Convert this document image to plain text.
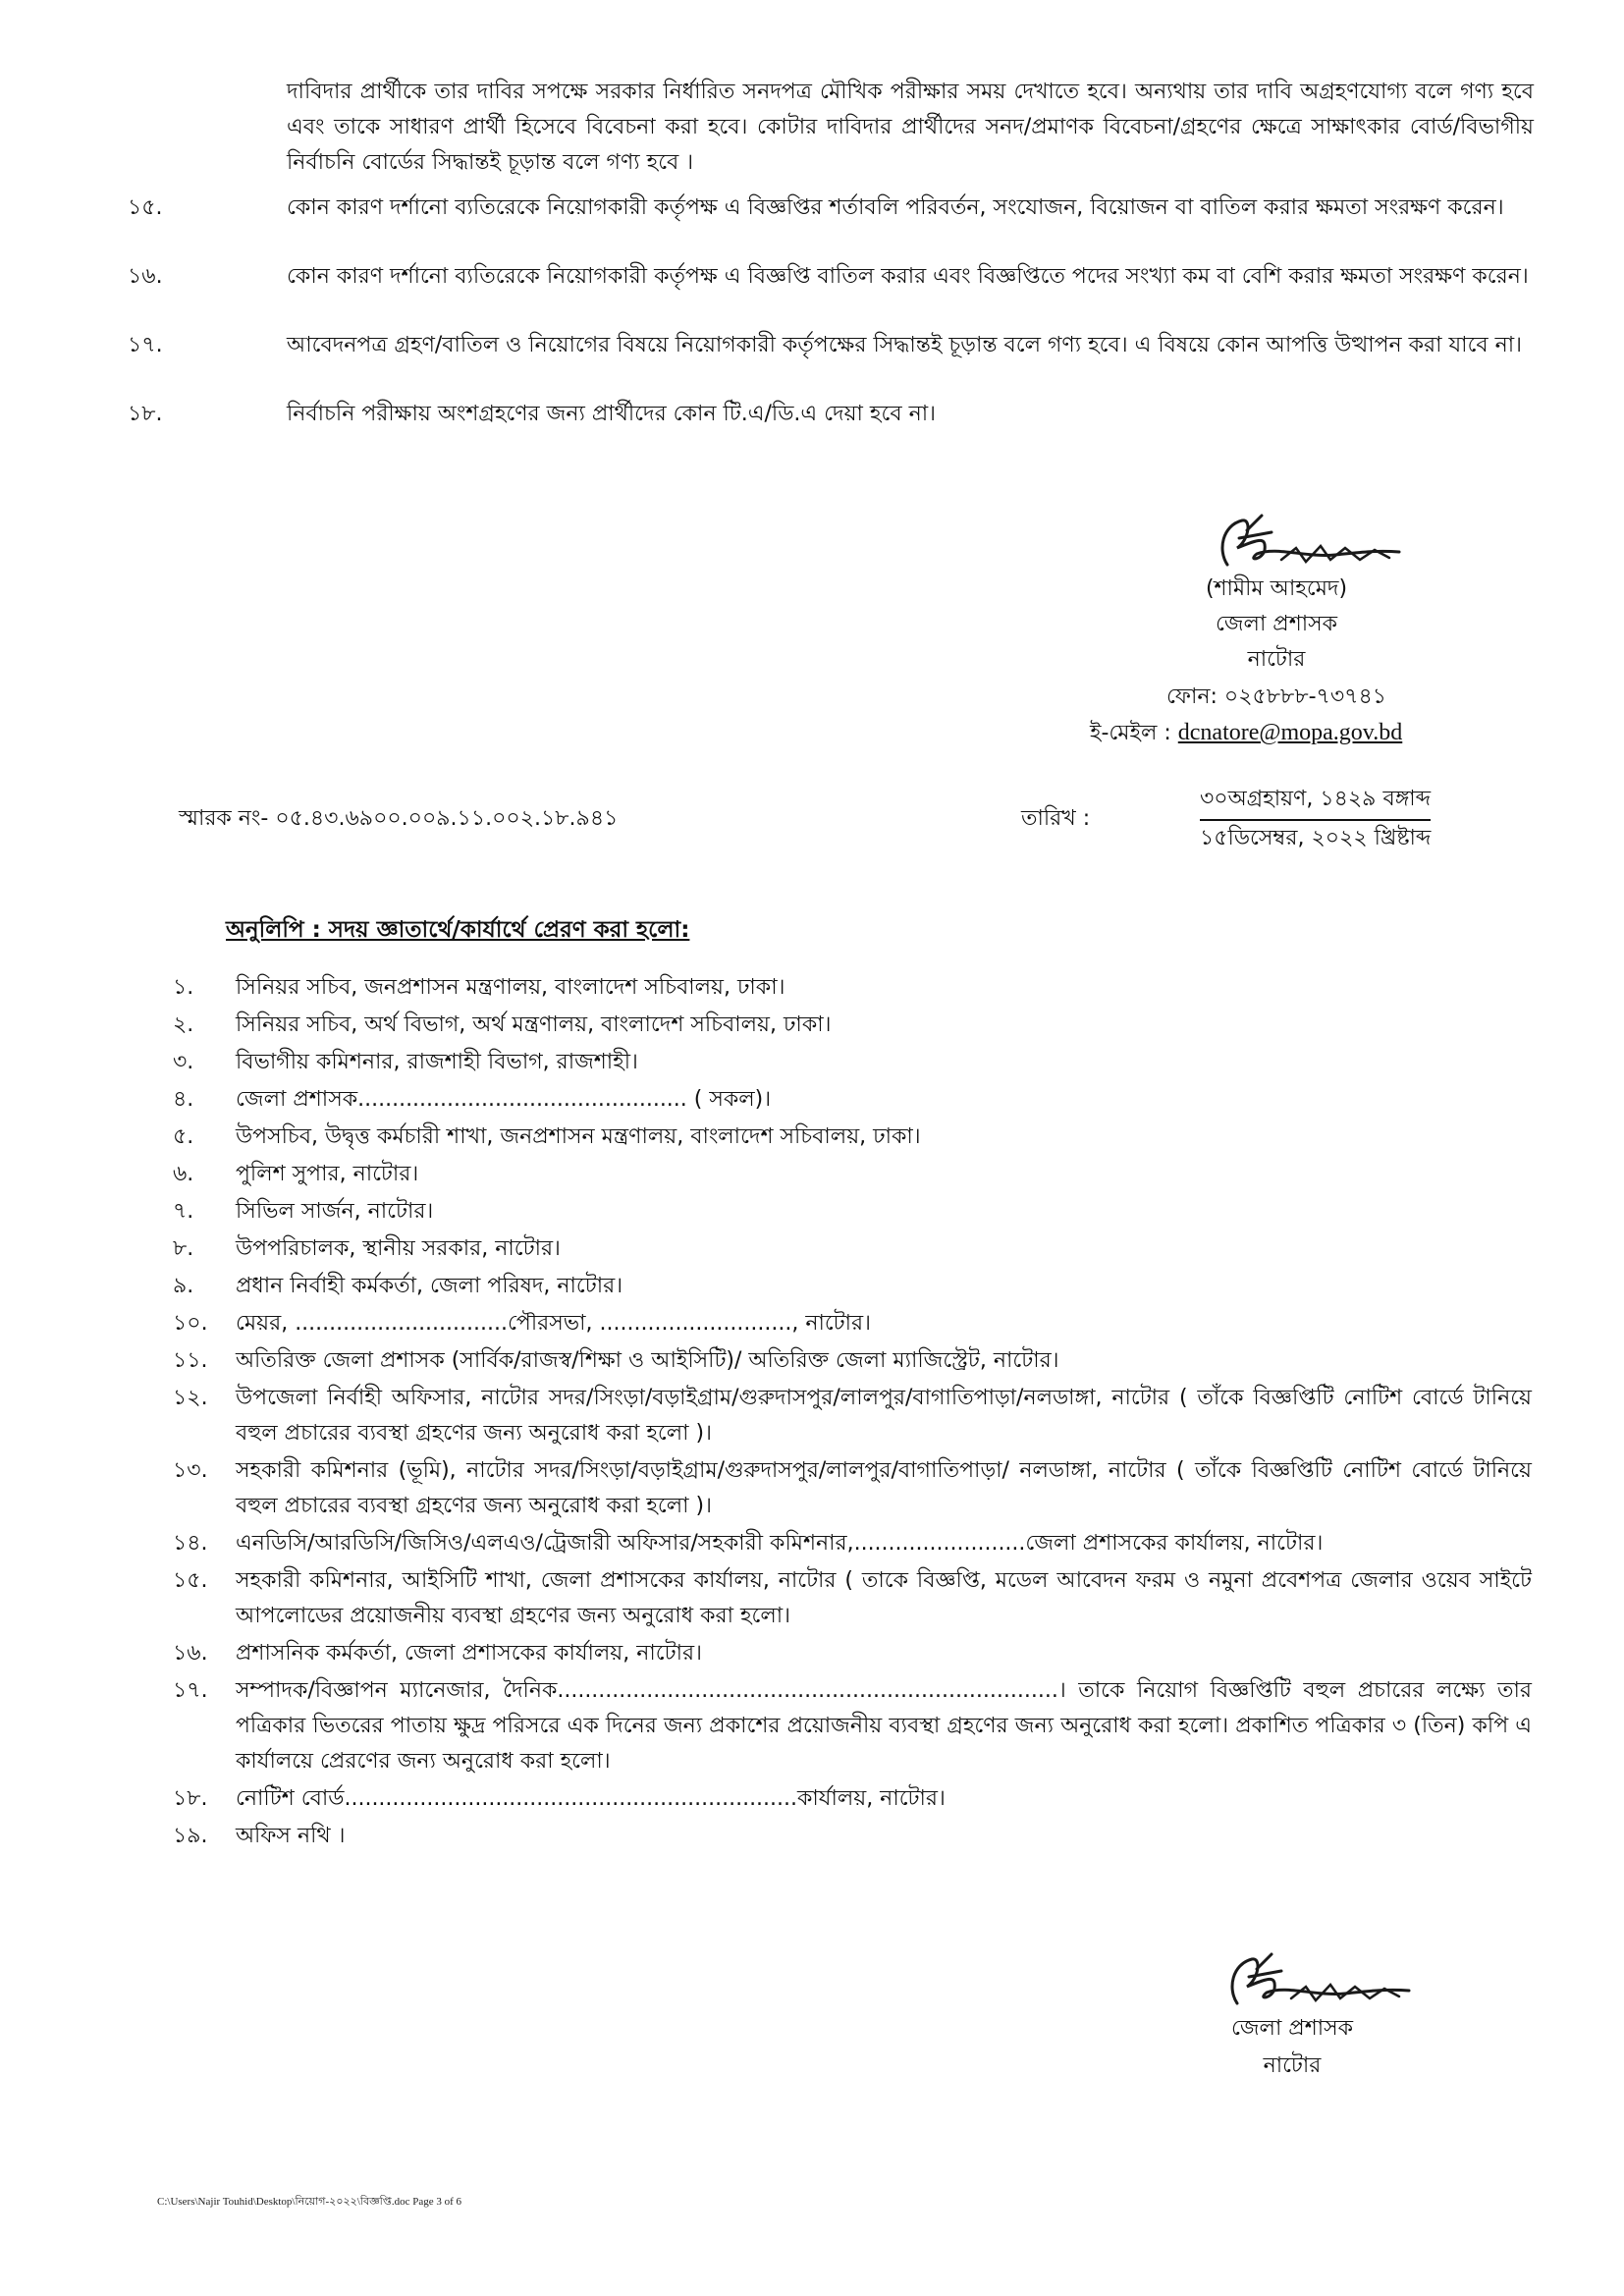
দাবিদার প্রার্থীকে তার দাবির সপক্ষে সরকার নির্ধারিত সনদপত্র মৌখিক পরীক্ষার সময় দেখাতে হবে। অন্যথায় তার দাবি অগ্রহণযোগ্য বলে গণ্য হবে এবং তাকে সাধারণ প্রার্থী হিসেবে বিবেচনা করা হবে। কোটার দাবিদার প্রার্থীদের সনদ/প্রমাণক বিবেচনা/গ্রহণের ক্ষেত্রে সাক্ষাৎকার বোর্ড/বিভাগীয় নির্বাচনি বোর্ডের সিদ্ধান্তই চূড়ান্ত বলে গণ্য হবে ।
১৫.	কোন কারণ দর্শানো ব্যতিরেকে নিয়োগকারী কর্তৃপক্ষ এ বিজ্ঞপ্তির শর্তাবলি পরিবর্তন, সংযোজন, বিয়োজন বা বাতিল করার ক্ষমতা সংরক্ষণ করেন।
১৬.	কোন কারণ দর্শানো ব্যতিরেকে নিয়োগকারী কর্তৃপক্ষ এ বিজ্ঞপ্তি বাতিল করার এবং বিজ্ঞপ্তিতে পদের সংখ্যা কম বা বেশি করার ক্ষমতা সংরক্ষণ করেন।
১৭.	আবেদনপত্র গ্রহণ/বাতিল ও নিয়োগের বিষয়ে নিয়োগকারী কর্তৃপক্ষের সিদ্ধান্তই চূড়ান্ত বলে গণ্য হবে। এ বিষয়ে কোন আপত্তি উত্থাপন করা যাবে না।
১৮.	নির্বাচনি পরীক্ষায় অংশগ্রহণের জন্য প্রার্থীদের কোন টি.এ/ডি.এ দেয়া হবে না।
(শামীম আহমেদ)
জেলা প্রশাসক
নাটোর
ফোন: ০২৫৮৮৮-৭৩৭৪১
ই-মেইল : dcnatore@mopa.gov.bd
স্মারক নং- ০৫.৪৩.৬৯০০.০০৯.১১.০০২.১৮.৯৪১	তারিখ :
৩০অগ্রহায়ণ, ১৪২৯ বঙ্গাব্দ
১৫ডিসেম্বর, ২০২২ খ্রিষ্টাব্দ
অনুলিপি : সদয় জ্ঞাতার্থে/কার্যার্থে প্রেরণ করা হলো:
১. সিনিয়র সচিব, জনপ্রশাসন মন্ত্রণালয়, বাংলাদেশ সচিবালয়, ঢাকা।
২. সিনিয়র সচিব, অর্থ বিভাগ, অর্থ মন্ত্রণালয়, বাংলাদেশ সচিবালয়, ঢাকা।
৩. বিভাগীয় কমিশনার, রাজশাহী বিভাগ, রাজশাহী।
৪. জেলা প্রশাসক................................................ ( সকল)।
৫. উপসচিব, উদ্বৃত্ত কর্মচারী শাখা, জনপ্রশাসন মন্ত্রণালয়, বাংলাদেশ সচিবালয়, ঢাকা।
৬. পুলিশ সুপার, নাটোর।
৭. সিভিল সার্জন, নাটোর।
৮. উপপরিচালক, স্থানীয় সরকার, নাটোর।
৯. প্রধান নির্বাহী কর্মকর্তা, জেলা পরিষদ, নাটোর।
১০. মেয়র, ...............................পৌরসভা, ............................, নাটোর।
১১. অতিরিক্ত জেলা প্রশাসক (সার্বিক/রাজস্ব/শিক্ষা ও আইসিটি)/ অতিরিক্ত জেলা ম্যাজিস্ট্রেট, নাটোর।
১২. উপজেলা নির্বাহী অফিসার, নাটোর সদর/সিংড়া/বড়াইগ্রাম/গুরুদাসপুর/লালপুর/বাগাতিপাড়া/নলডাঙ্গা, নাটোর ( তাঁকে বিজ্ঞপ্তিটি নোটিশ বোর্ডে টানিয়ে বহুল প্রচারের ব্যবস্থা গ্রহণের জন্য অনুরোধ করা হলো )।
১৩. সহকারী কমিশনার (ভূমি), নাটোর সদর/সিংড়া/বড়াইগ্রাম/গুরুদাসপুর/লালপুর/বাগাতিপাড়া/ নলডাঙ্গা, নাটোর ( তাঁকে বিজ্ঞপ্তিটি নোটিশ বোর্ডে টানিয়ে বহুল প্রচারের ব্যবস্থা গ্রহণের জন্য অনুরোধ করা হলো )।
১৪. এনডিসি/আরডিসি/জিসিও/এলএও/ট্রেজারী অফিসার/সহকারী কমিশনার,.........................জেলা প্রশাসকের কার্যালয়, নাটোর।
১৫. সহকারী কমিশনার, আইসিটি শাখা, জেলা প্রশাসকের কার্যালয়, নাটোর ( তাকে বিজ্ঞপ্তি, মডেল আবেদন ফরম ও নমুনা প্রবেশপত্র জেলার ওয়েব সাইটে আপলোডের প্রয়োজনীয় ব্যবস্থা গ্রহণের জন্য অনুরোধ করা হলো।
১৬. প্রশাসনিক কর্মকর্তা, জেলা প্রশাসকের কার্যালয়, নাটোর।
১৭. সম্পাদক/বিজ্ঞাপন ম্যানেজার, দৈনিক.........................................................................। তাকে নিয়োগ বিজ্ঞপ্তিটি বহুল প্রচারের লক্ষ্যে তার পত্রিকার ভিতরের পাতায় ক্ষুদ্র পরিসরে এক দিনের জন্য প্রকাশের প্রয়োজনীয় ব্যবস্থা গ্রহণের জন্য অনুরোধ করা হলো। প্রকাশিত পত্রিকার ৩ (তিন) কপি এ কার্যালয়ে প্রেরণের জন্য অনুরোধ করা হলো।
১৮. নোটিশ বোর্ড..................................................................কার্যালয়, নাটোর।
১৯. অফিস নথি ।
জেলা প্রশাসক
নাটোর
C:\Users\Najir Touhid\Desktop\নিয়োগ-২০২২\বিজ্ঞপ্তি.doc Page 3 of 6
